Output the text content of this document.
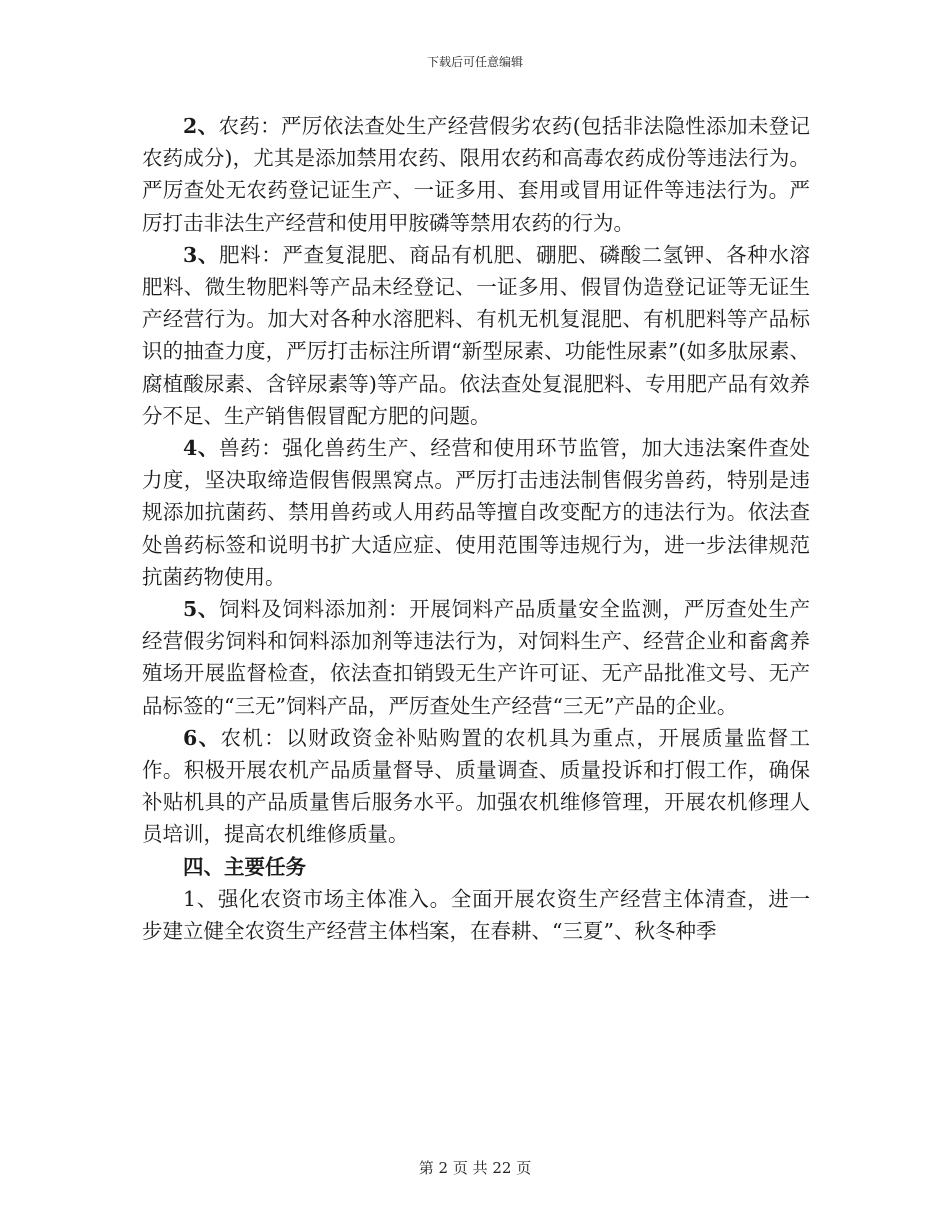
下载后可任意编辑

2、农药：严厉依法查处生产经营假劣农药(包括非法隐性添加未登记农药成分)，尤其是添加禁用农药、限用农药和高毒农药成份等违法行为。严厉查处无农药登记证生产、一证多用、套用或冒用证件等违法行为。严厉打击非法生产经营和使用甲胺磷等禁用农药的行为。

3、肥料：严查复混肥、商品有机肥、硼肥、磷酸二氢钾、各种水溶肥料、微生物肥料等产品未经登记、一证多用、假冒伪造登记证等无证生产经营行为。加大对各种水溶肥料、有机无机复混肥、有机肥料等产品标识的抽查力度，严厉打击标注所谓“新型尿素、功能性尿素”(如多肽尿素、腐植酸尿素、含锌尿素等)等产品。依法查处复混肥料、专用肥产品有效养分不足、生产销售假冒配方肥的问题。

4、兽药：强化兽药生产、经营和使用环节监管，加大违法案件查处力度，坚决取缔造假售假黑窝点。严厉打击违法制售假劣兽药，特别是违规添加抗菌药、禁用兽药或人用药品等擅自改变配方的违法行为。依法查处兽药标签和说明书扩大适应症、使用范围等违规行为，进一步法律规范抗菌药物使用。

5、饲料及饲料添加剂：开展饲料产品质量安全监测，严厉查处生产经营假劣饲料和饲料添加剂等违法行为，对饲料生产、经营企业和畜禽养殖场开展监督检查，依法查扣销毁无生产许可证、无产品批准文号、无产品标签的“三无”饲料产品，严厉查处生产经营“三无”产品的企业。

6、农机：以财政资金补贴购置的农机具为重点，开展质量监督工作。积极开展农机产品质量督导、质量调查、质量投诉和打假工作，确保补贴机具的产品质量售后服务水平。加强农机维修管理，开展农机修理人员培训，提高农机维修质量。

四、主要任务

1、强化农资市场主体准入。全面开展农资生产经营主体清查，进一步建立健全农资生产经营主体档案，在春耕、“三夏”、秋冬种季

第 2 页 共 22 页
